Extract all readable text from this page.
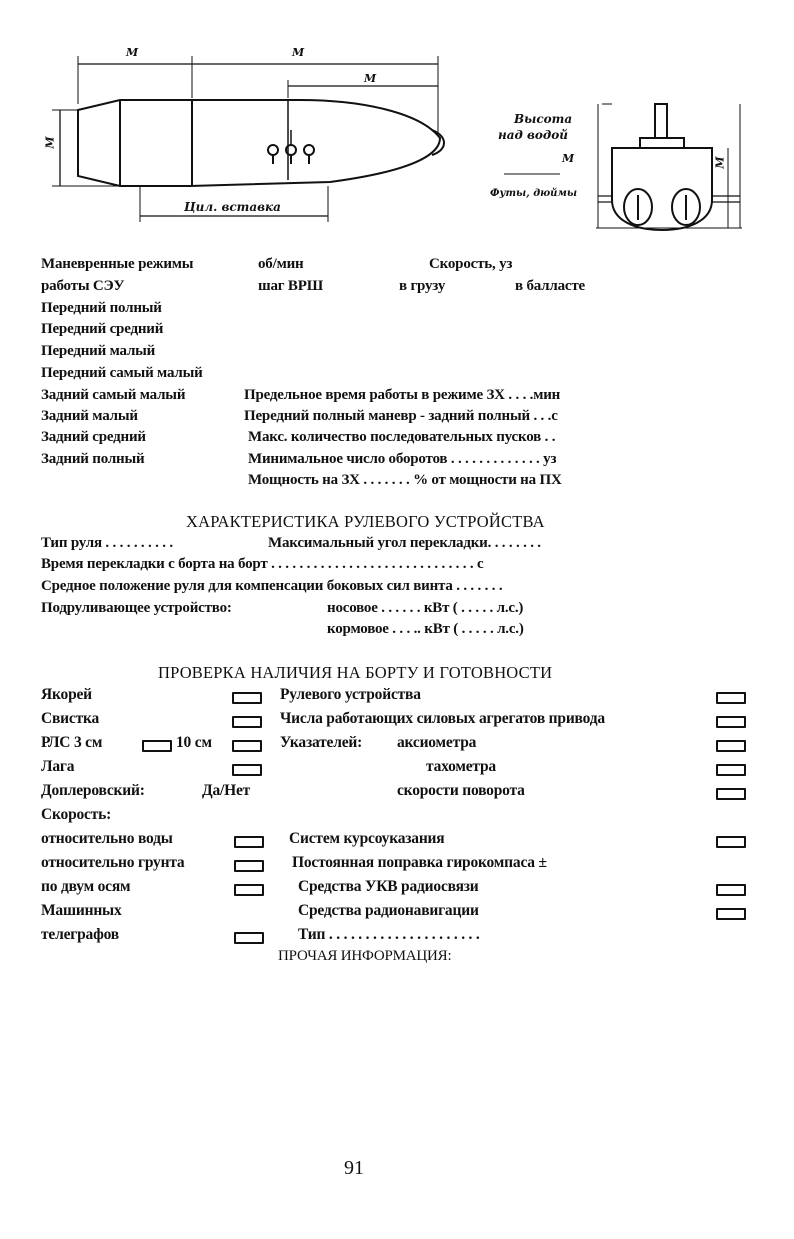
М	М
М
М
Цил. вставка
Высота
над водой
М
Футы, дюймы
М
Маневренные режимы
работы СЭУ
об/мин
шаг ВРШ
Скорость, уз
в грузу	в балласте
Передний полный
Передний средний
Передний малый
Передний самый малый
Задний самый малый
Задний малый
Задний средний
Задний полный
Предельное время работы в режиме ЗХ . . . .мин
Передний полный маневр - задний полный . . .с
Макс. количество последовательных пусков . .
Минимальное число оборотов . . . . . . . . . . . . . уз
Мощность на ЗХ . . . . . . . % от мощности на ПХ
ХАРАКТЕРИСТИКА РУЛЕВОГО УСТРОЙСТВА
Тип руля . . . . . . . . . .	Максимальный угол перекладки. . . . . . . .
Время перекладки с борта на борт . . . . . . . . . . . . . . . . . . . . . . . . . . . . . с
Средное положение руля для компенсации боковых сил винта . . . . . . .
Подруливающее устройство:	носовое . . . . . . кВт ( . . . . . л.с.)
кормовое . . . .. кВт ( . . . . . л.с.)
ПРОВЕРКА НАЛИЧИЯ НА БОРТУ И ГОТОВНОСТИ
Якорей
Свистка
РЛС 3 см	10 см
Лага
Доплеровский:	Да/Нет
Скорость:
относительно воды
относительно грунта
по двум осям
Машинных
телеграфов
Рулевого устройства
Числа работающих силовых агрегатов привода
Указателей: аксиометра
тахометра
скорости поворота
Систем курсоуказания
Постоянная поправка гирокомпаса ±
Средства УКВ радиосвязи
Средства радионавигации
Тип . . . . . . . . . . . . . . . . . . . . .
ПРОЧАЯ ИНФОРМАЦИЯ:
91
